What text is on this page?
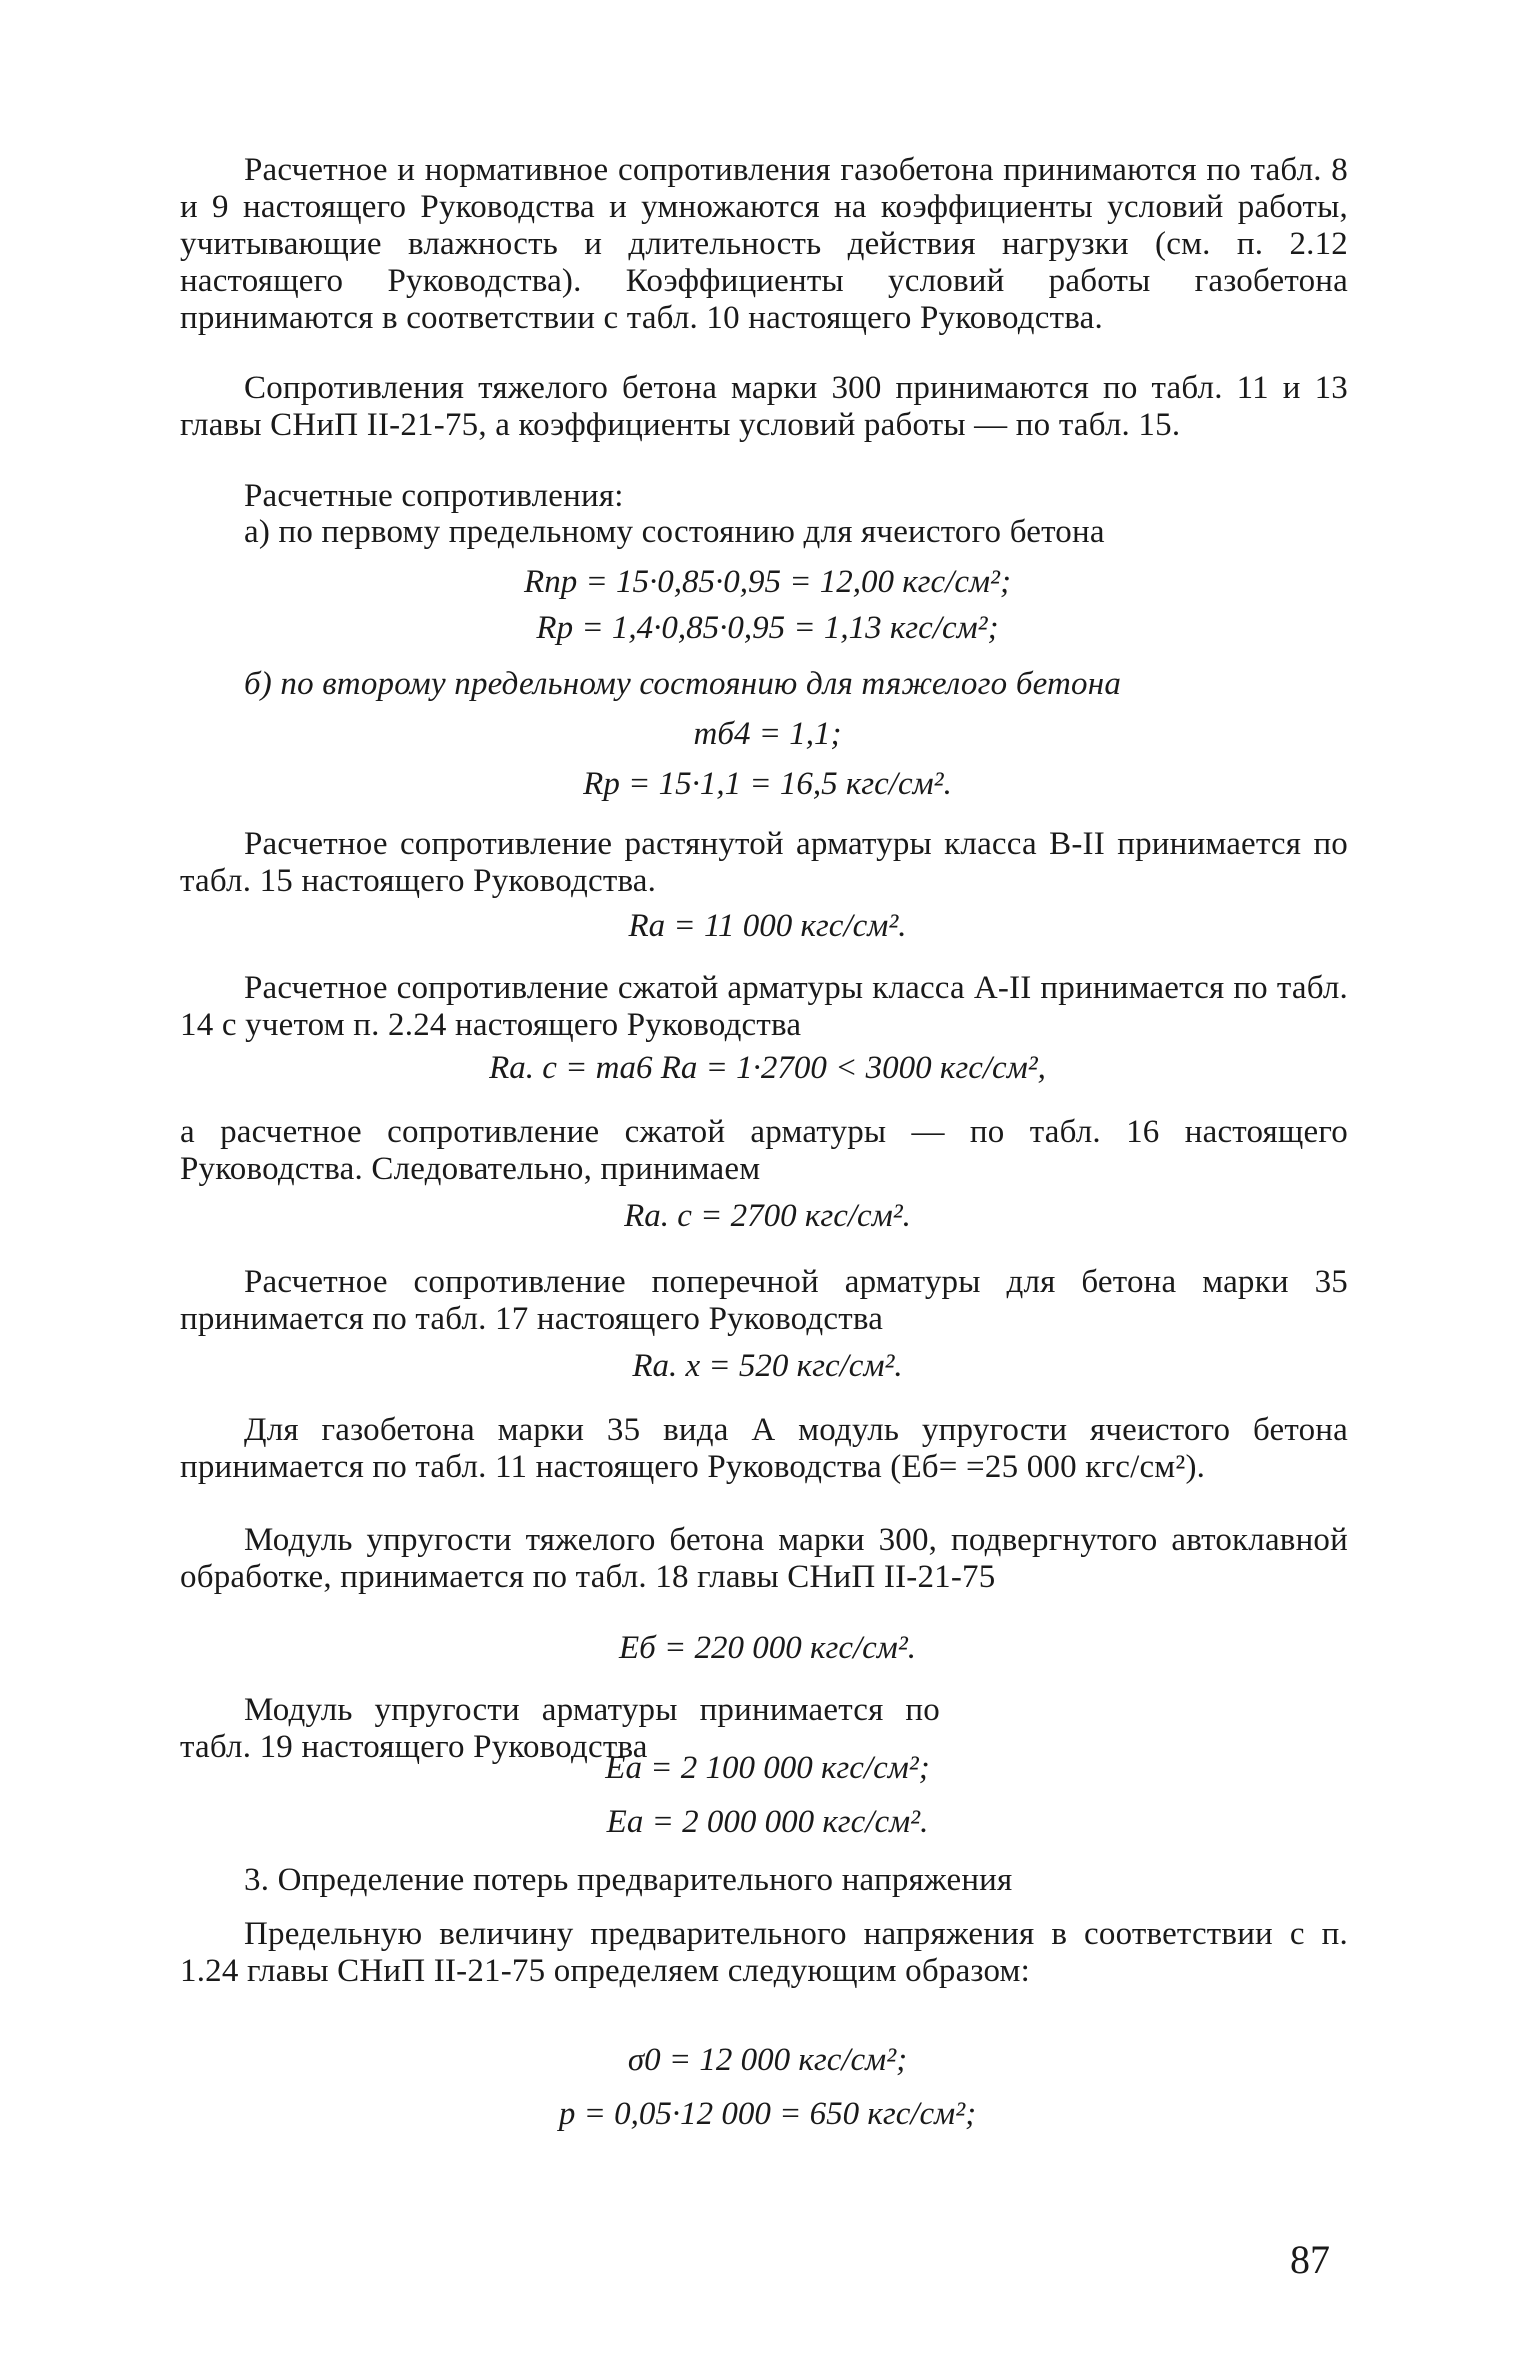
Расчетное и нормативное сопротивления газобетона принимаются по табл. 8 и 9 настоящего Руководства и умножаются на коэффициенты условий работы, учитывающие влажность и длительность действия нагрузки (см. п. 2.12 настоящего Руководства). Коэффициенты условий работы газобетона принимаются в соответствии с табл. 10 настоящего Руководства.

Сопротивления тяжелого бетона марки 300 принимаются по табл. 11 и 13 главы СНиП II-21-75, а коэффициенты условий работы — по табл. 15.

Расчетные сопротивления:

а) по первому предельному состоянию для ячеистого бетона

Rпр = 15·0,85·0,95 = 12,00 кгс/см²;

Rр = 1,4·0,85·0,95 = 1,13 кгс/см²;

б) по второму предельному состоянию для тяжелого бетона

mб4 = 1,1;

Rр = 15·1,1 = 16,5 кгс/см².

Расчетное сопротивление растянутой арматуры класса В-II принимается по табл. 15 настоящего Руководства.

Rа = 11 000 кгс/см².

Расчетное сопротивление сжатой арматуры класса А-II принимается по табл. 14 с учетом п. 2.24 настоящего Руководства

Rа. с = mа6 Rа = 1·2700 < 3000 кгс/см²,

а расчетное сопротивление сжатой арматуры — по табл. 16 настоящего Руководства. Следовательно, принимаем

Rа. с = 2700 кгс/см².

Расчетное сопротивление поперечной арматуры для бетона марки 35 принимается по табл. 17 настоящего Руководства

Rа. х = 520 кгс/см².

Для газобетона марки 35 вида А модуль упругости ячеистого бетона принимается по табл. 11 настоящего Руководства (Еб= =25 000 кгс/см²).

Модуль упругости тяжелого бетона марки 300, подвергнутого автоклавной обработке, принимается по табл. 18 главы СНиП II-21-75

Еб = 220 000 кгс/см².

Модуль упругости арматуры принимается по табл. 19 настоящего Руководства

Еа = 2 100 000 кгс/см²;

Еа = 2 000 000 кгс/см².

3. Определение потерь предварительного напряжения

Предельную величину предварительного напряжения в соответствии с п. 1.24 главы СНиП II-21-75 определяем следующим образом:

σ0 = 12 000 кгс/см²;

p = 0,05·12 000 = 650 кгс/см²;

87
